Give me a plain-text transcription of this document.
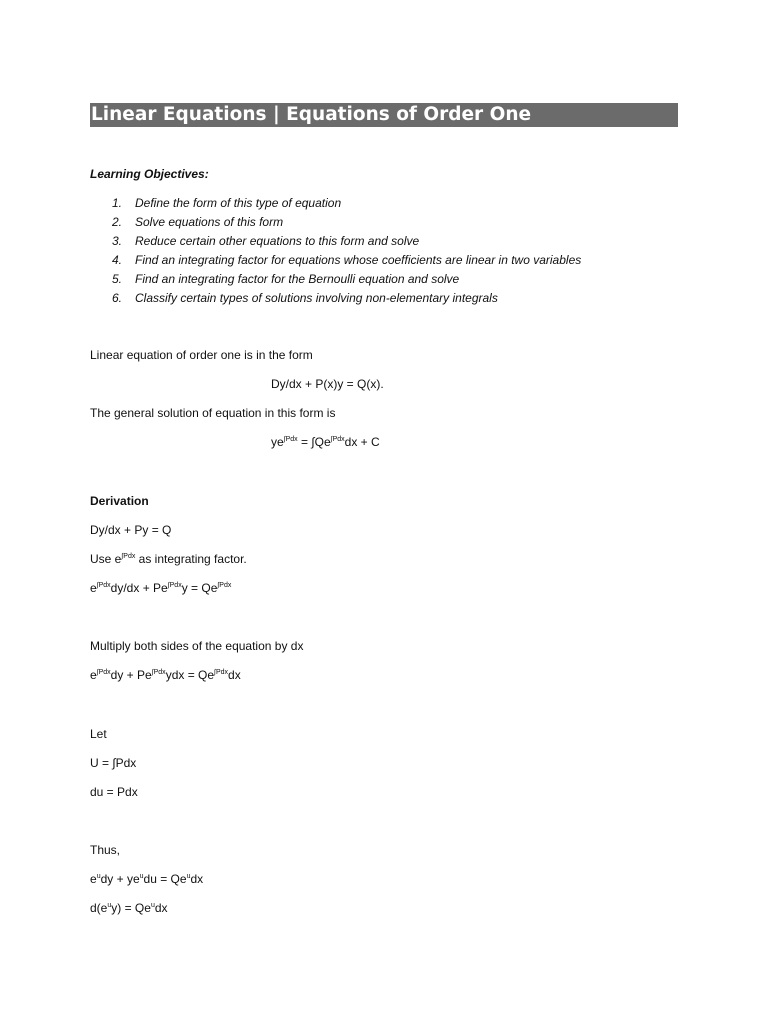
Linear Equations | Equations of Order One
Learning Objectives:
1.	Define the form of this type of equation
2.	Solve equations of this form
3.	Reduce certain other equations to this form and solve
4.	Find an integrating factor for equations whose coefficients are linear in two variables
5.	Find an integrating factor for the Bernoulli equation and solve
6.	Classify certain types of solutions involving non-elementary integrals
Linear equation of order one is in the form
Dy/dx + P(x)y = Q(x).
The general solution of equation in this form is
$ye^{\int Pdx} = \int Qe^{\int Pdx}dx + C$
Derivation
Dy/dx + Py = Q
Use $e^{\int Pdx}$ as integrating factor.
$e^{\int Pdx}dy/dx + Pe^{\int Pdx}y = Qe^{\int Pdx}$
Multiply both sides of the equation by dx
$e^{\int Pdx}dy + Pe^{\int Pdx}ydx = Qe^{\int Pdx}dx$
Let
U = ∫Pdx
du = Pdx
Thus,
$e^udy + ye^udu = Qe^udx$
$d(e^uy) = Qe^udx$
